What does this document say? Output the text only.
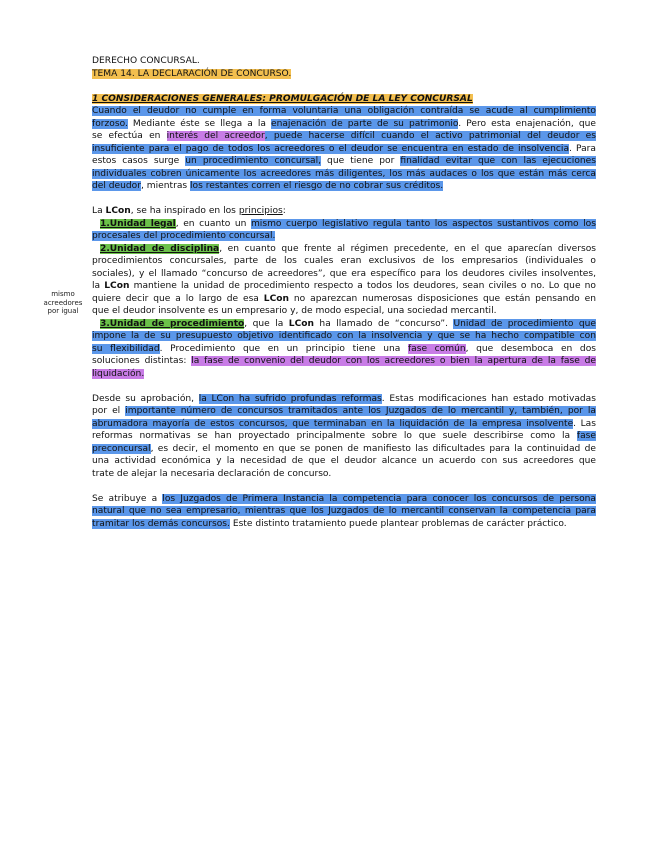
mismo
acreedores
por igual
DERECHO CONCURSAL.
TEMA 14. LA DECLARACIÓN DE CONCURSO.
1 CONSIDERACIONES GENERALES: PROMULGACIÓN DE LA LEY CONCURSAL
Cuando el deudor no cumple en forma voluntaria una obligación contraída se acude al cumplimiento
forzoso. Mediante éste se llega a la enajenación de parte de su patrimonio. Pero esta enajenación, que
se efectúa en interés del acreedor, puede hacerse difícil cuando el activo patrimonial del deudor es
insuficiente para el pago de todos los acreedores o el deudor se encuentra en estado de insolvencia. Para
estos casos surge un procedimiento concursal, que tiene por finalidad evitar que con las ejecuciones
individuales cobren únicamente los acreedores más diligentes, los más audaces o los que están más cerca
del deudor, mientras los restantes corren el riesgo de no cobrar sus créditos.
La LCon, se ha inspirado en los principios:
1.Unidad legal, en cuanto un mismo cuerpo legislativo regula tanto los aspectos sustantivos como los
procesales del procedimiento concursal.
2.Unidad de disciplina, en cuanto que frente al régimen precedente, en el que aparecían diversos
procedimientos concursales, parte de los cuales eran exclusivos de los empresarios (individuales o
sociales), y el llamado “concurso de acreedores”, que era específico para los deudores civiles insolventes,
la LCon mantiene la unidad de procedimiento respecto a todos los deudores, sean civiles o no. Lo que no
quiere decir que a lo largo de esa LCon no aparezcan numerosas disposiciones que están pensando en
que el deudor insolvente es un empresario y, de modo especial, una sociedad mercantil.
3.Unidad de procedimiento, que la LCon ha llamado de “concurso”. Unidad de procedimiento que
impone la de su presupuesto objetivo identificado con la insolvencia y que se ha hecho compatible con
su flexibilidad. Procedimiento que en un principio tiene una fase común, que desemboca en dos
soluciones distintas: la fase de convenio del deudor con los acreedores o bien la apertura de la fase de
liquidación.
Desde su aprobación, la LCon ha sufrido profundas reformas. Estas modificaciones han estado motivadas
por el importante número de concursos tramitados ante los Juzgados de lo mercantil y, también, por la
abrumadora mayoría de estos concursos, que terminaban en la liquidación de la empresa insolvente. Las
reformas normativas se han proyectado principalmente sobre lo que suele describirse como la fase
preconcursal, es decir, el momento en que se ponen de manifiesto las dificultades para la continuidad de
una actividad económica y la necesidad de que el deudor alcance un acuerdo con sus acreedores que
trate de alejar la necesaria declaración de concurso.
Se atribuye a los Juzgados de Primera Instancia la competencia para conocer los concursos de persona
natural que no sea empresario, mientras que los Juzgados de lo mercantil conservan la competencia para
tramitar los demás concursos. Este distinto tratamiento puede plantear problemas de carácter práctico.
